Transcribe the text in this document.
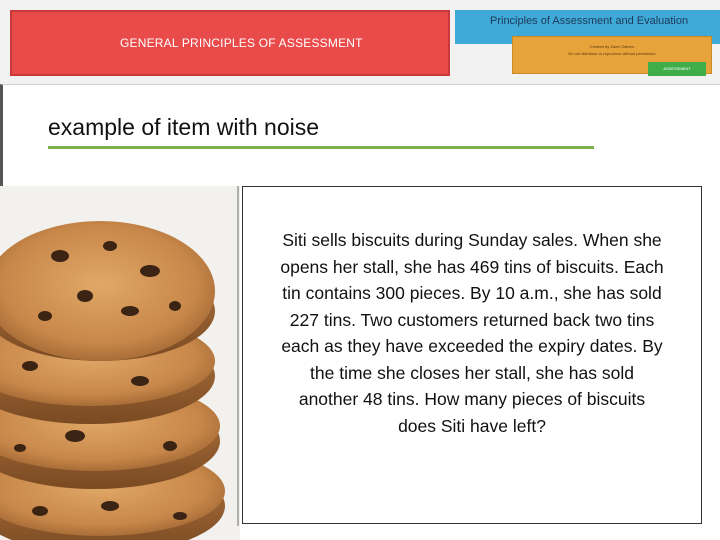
GENERAL PRINCIPLES OF ASSESSMENT
Principles of Assessment and Evaluation
Created by Zamri Zabree
Do not distribute or reproduce without permission
ASSESSMENT
example of item with noise
Siti sells biscuits during Sunday sales. When she opens her stall, she has 469 tins of biscuits. Each tin contains 300 pieces. By 10 a.m., she has sold 227 tins. Two customers returned back two tins each as they have exceeded the expiry dates. By the time she closes her stall, she has sold another 48 tins. How many pieces of biscuits does Siti have left?
